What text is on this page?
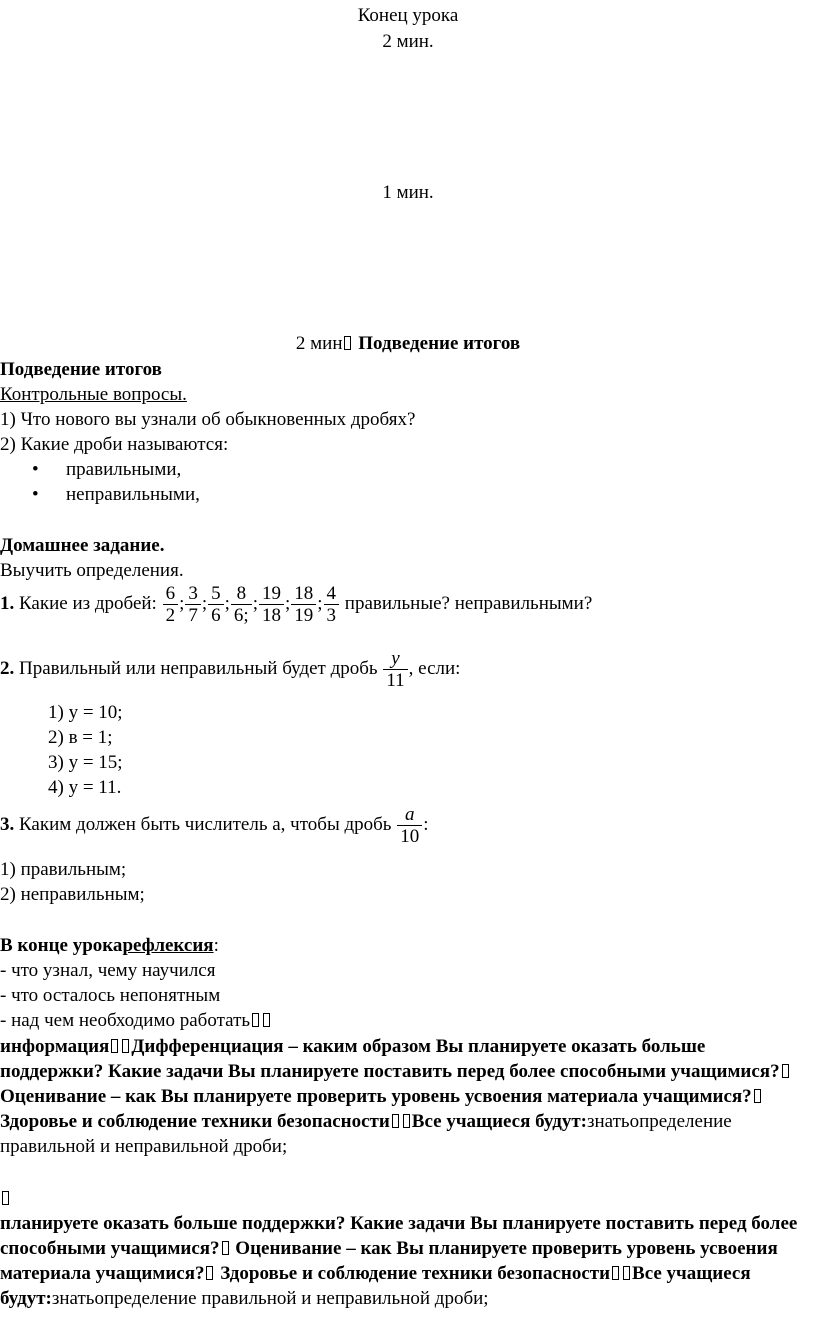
Конец урока
2 мин.
1 мин.
2 мин Подведение итогов
Подведение итогов
Контрольные вопросы.
1) Что нового вы узнали об обыкновенных дробях?
2) Какие дроби называются:
• правильными,
• неправильными,
Домашнее задание.
Выучить определения.
1. Какие из дробей: $\frac{6}{2}$ ; $\frac{3}{7}$ ; $\frac{5}{6}$ ; $\frac{8}{6;}$ ; $\frac{19}{18}$ ; $\frac{18}{19}$ ; $\frac{4}{3}$ правильные? неправильными?
2. Правильный или неправильный будет дробь $\frac{y}{11}$ , если:
1) у = 10;
2) в = 1;
3) у = 15;
4) у = 11.
3. Каким должен быть числитель а, чтобы дробь $\frac{a}{10}$ :
1) правильным;
2) неправильным;
В конце урокарефлексия:
- что узнал, чему научился
- что осталось непонятным
- над чем необходимо работать
информация Дифференциация – каким образом Вы планируете оказать больше поддержки? Какие задачи Вы планируете поставить перед более способными учащимися? Оценивание – как Вы планируете проверить уровень усвоения материала учащимися? Здоровье и соблюдение техники безопасности Все учащиеся будут:знатьопределение правильной и неправильной дроби;
планируете оказать больше поддержки? Какие задачи Вы планируете поставить перед более способными учащимися? Оценивание – как Вы планируете проверить уровень усвоения материала учащимися? Здоровье и соблюдение техники безопасности Все учащиеся будут:знатьопределение правильной и неправильной дроби;
